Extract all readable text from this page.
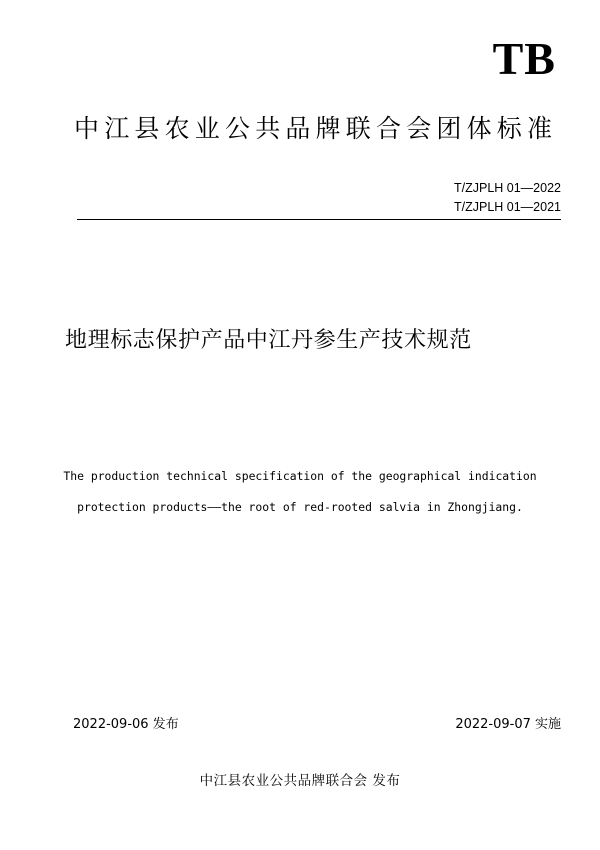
TB
中江县农业公共品牌联合会团体标准
T/ZJPLH 01—2022
T/ZJPLH 01—2021
地理标志保护产品中江丹参生产技术规范
The production technical specification of the geographical indication
protection products——the root of red-rooted salvia in Zhongjiang.
2022-09-06 发布	2022-09-07 实施
中江县农业公共品牌联合会 发布
